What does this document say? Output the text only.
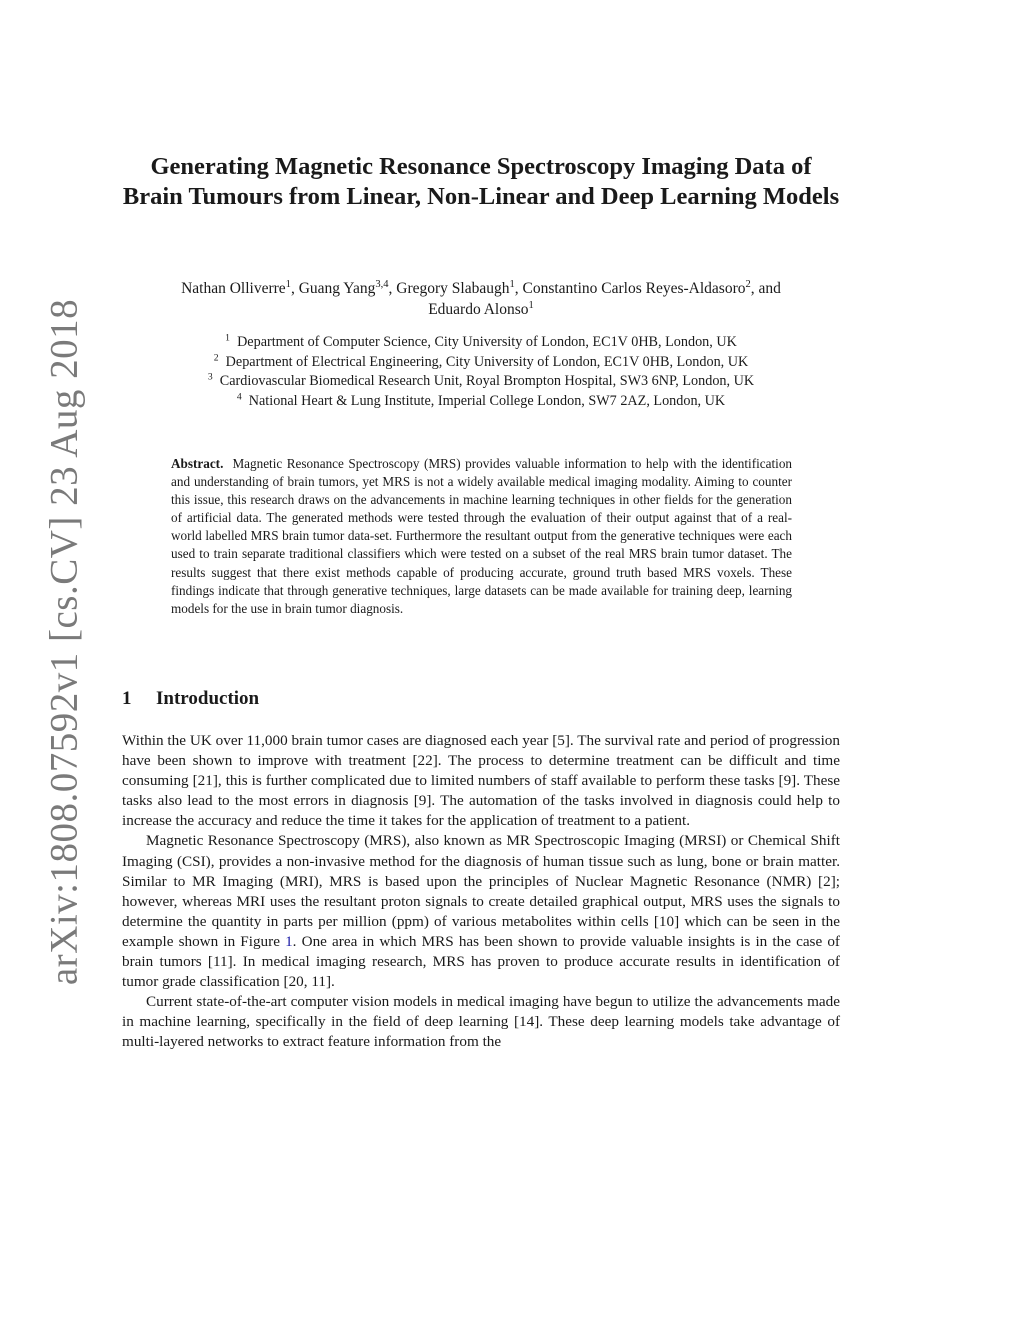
arXiv:1808.07592v1 [cs.CV] 23 Aug 2018
Generating Magnetic Resonance Spectroscopy Imaging Data of Brain Tumours from Linear, Non-Linear and Deep Learning Models
Nathan Olliverre$^1$, Guang Yang$^{3,4}$, Gregory Slabaugh$^1$, Constantino Carlos Reyes-Aldasoro$^2$, and
Eduardo Alonso$^1$

$^1$ Department of Computer Science, City University of London, EC1V 0HB, London, UK

$^2$ Department of Electrical Engineering, City University of London, EC1V 0HB, London, UK

$^3$ Cardiovascular Biomedical Research Unit, Royal Brompton Hospital, SW3 6NP, London, UK

$^4$ National Heart & Lung Institute, Imperial College London, SW7 2AZ, London, UK

Abstract. Magnetic Resonance Spectroscopy (MRS) provides valuable information to help with the identification and understanding of brain tumors, yet MRS is not a widely available medical imaging modality. Aiming to counter this issue, this research draws on the advancements in machine learning techniques in other fields for the generation of artificial data. The generated methods were tested through the evaluation of their output against that of a real-world labelled MRS brain tumor data-set. Furthermore the resultant output from the generative techniques were each used to train separate traditional classifiers which were tested on a subset of the real MRS brain tumor dataset. The results suggest that there exist methods capable of producing accurate, ground truth based MRS voxels. These findings indicate that through generative techniques, large datasets can be made available for training deep, learning models for the use in brain tumor diagnosis.
1 Introduction

Within the UK over 11,000 brain tumor cases are diagnosed each year [5]. The survival rate and period of progression have been shown to improve with treatment [22]. The process to determine treatment can be difficult and time consuming [21], this is further complicated due to limited numbers of staff available to perform these tasks [9]. These tasks also lead to the most errors in diagnosis [9]. The automation of the tasks involved in diagnosis could help to increase the accuracy and reduce the time it takes for the application of treatment to a patient.

Magnetic Resonance Spectroscopy (MRS), also known as MR Spectroscopic Imaging (MRSI) or Chemical Shift Imaging (CSI), provides a non-invasive method for the diagnosis of human tissue such as lung, bone or brain matter. Similar to MR Imaging (MRI), MRS is based upon the principles of Nuclear Magnetic Resonance (NMR) [2]; however, whereas MRI uses the resultant proton signals to create detailed graphical output, MRS uses the signals to determine the quantity in parts per million (ppm) of various metabolites within cells [10] which can be seen in the example shown in Figure 1. One area in which MRS has been shown to provide valuable insights is in the case of brain tumors [11]. In medical imaging research, MRS has proven to produce accurate results in identification of tumor grade classification [20, 11].

Current state-of-the-art computer vision models in medical imaging have begun to utilize the advancements made in machine learning, specifically in the field of deep learning [14]. These deep learning models take advantage of multi-layered networks to extract feature information from the
